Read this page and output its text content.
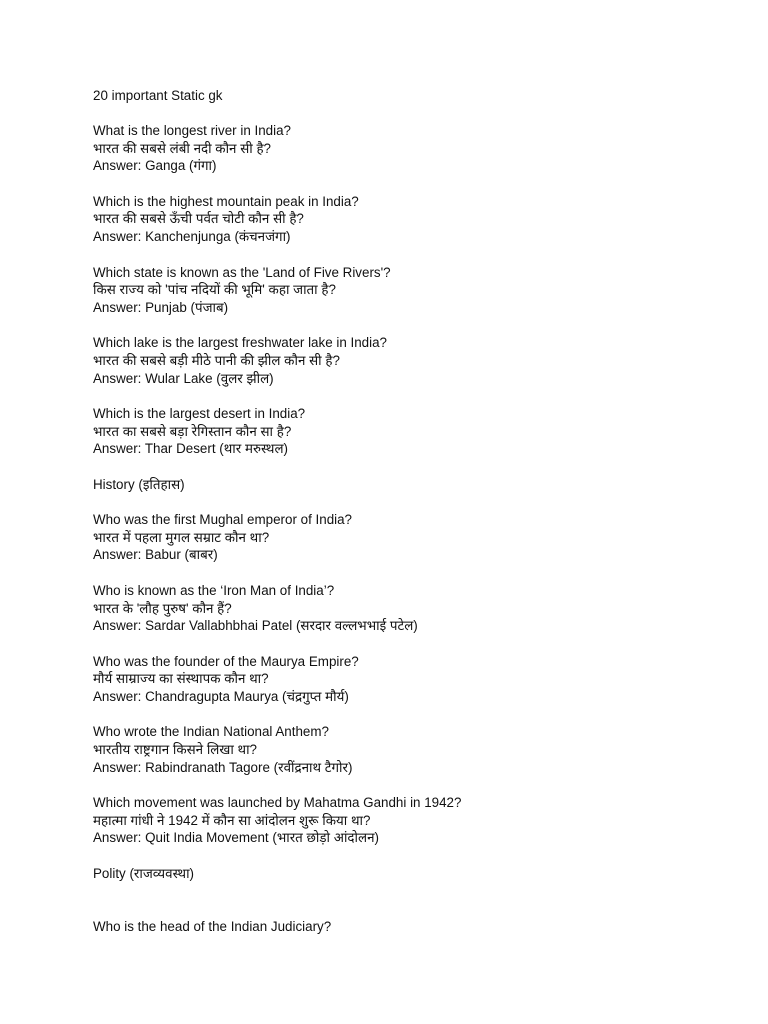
20 important Static gk
What is the longest river in India?
भारत की सबसे लंबी नदी कौन सी है?
Answer: Ganga (गंगा)
Which is the highest mountain peak in India?
भारत की सबसे ऊँची पर्वत चोटी कौन सी है?
Answer: Kanchenjunga (कंचनजंगा)
Which state is known as the 'Land of Five Rivers'?
किस राज्य को 'पांच नदियों की भूमि' कहा जाता है?
Answer: Punjab (पंजाब)
Which lake is the largest freshwater lake in India?
भारत की सबसे बड़ी मीठे पानी की झील कौन सी है?
Answer: Wular Lake (वुलर झील)
Which is the largest desert in India?
भारत का सबसे बड़ा रेगिस्तान कौन सा है?
Answer: Thar Desert (थार मरुस्थल)
History (इतिहास)
Who was the first Mughal emperor of India?
भारत में पहला मुगल सम्राट कौन था?
Answer: Babur (बाबर)
Who is known as the ‘Iron Man of India’?
भारत के 'लौह पुरुष' कौन हैं?
Answer: Sardar Vallabhbhai Patel (सरदार वल्लभभाई पटेल)
Who was the founder of the Maurya Empire?
मौर्य साम्राज्य का संस्थापक कौन था?
Answer: Chandragupta Maurya (चंद्रगुप्त मौर्य)
Who wrote the Indian National Anthem?
भारतीय राष्ट्रगान किसने लिखा था?
Answer: Rabindranath Tagore (रवींद्रनाथ टैगोर)
Which movement was launched by Mahatma Gandhi in 1942?
महात्मा गांधी ने 1942 में कौन सा आंदोलन शुरू किया था?
Answer: Quit India Movement (भारत छोड़ो आंदोलन)
Polity (राजव्यवस्था)
Who is the head of the Indian Judiciary?
